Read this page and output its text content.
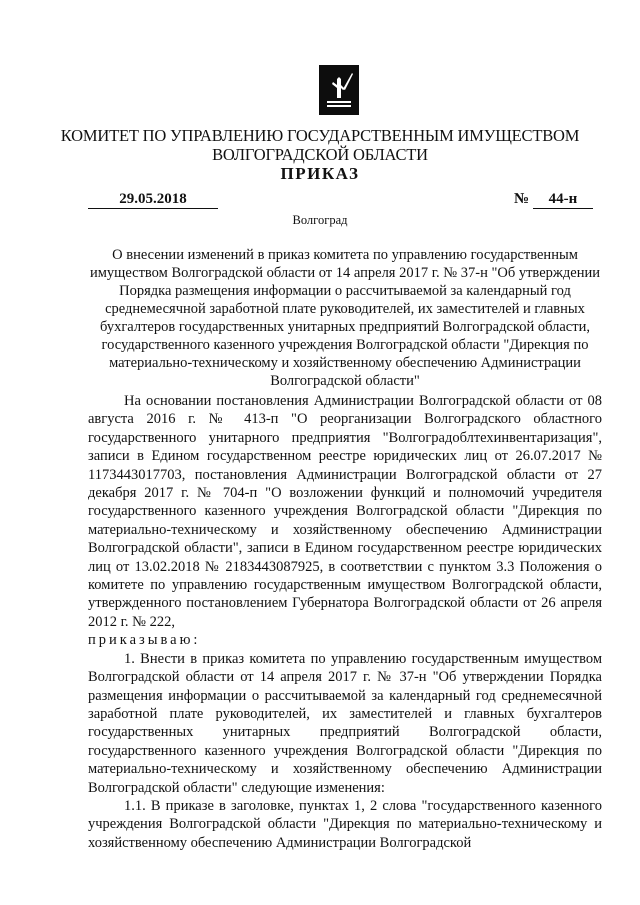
КОМИТЕТ ПО УПРАВЛЕНИЮ ГОСУДАРСТВЕННЫМ ИМУЩЕСТВОМ ВОЛГОГРАДСКОЙ ОБЛАСТИ
ПРИКАЗ
29.05.2018	№	44-н
Волгоград
О внесении изменений в приказ комитета по управлению государственным имуществом Волгоградской области от 14 апреля 2017 г. № 37-н "Об утверждении Порядка размещения информации о рассчитываемой за календарный год среднемесячной заработной плате руководителей, их заместителей и главных бухгалтеров государственных унитарных предприятий Волгоградской области, государственного казенного учреждения Волгоградской области "Дирекция по материально-техническому и хозяйственному обеспечению Администрации Волгоградской области"

На основании постановления Администрации Волгоградской области от 08 августа 2016 г. № 413-п "О реорганизации Волгоградского областного государственного унитарного предприятия "Волгоградоблтехинвентаризация", записи в Едином государственном реестре юридических лиц от 26.07.2017 № 1173443017703, постановления Администрации Волгоградской области от 27 декабря 2017 г. № 704-п "О возложении функций и полномочий учредителя государственного казенного учреждения Волгоградской области "Дирекция по материально-техническому и хозяйственному обеспечению Администрации Волгоградской области", записи в Едином государственном реестре юридических лиц от 13.02.2018 № 2183443087925, в соответствии с пунктом 3.3 Положения о комитете по управлению государственным имуществом Волгоградской области, утвержденного постановлением Губернатора Волгоградской области от 26 апреля 2012 г. № 222,

приказываю:

1. Внести в приказ комитета по управлению государственным имуществом Волгоградской области от 14 апреля 2017 г. № 37-н "Об утверждении Порядка размещения информации о рассчитываемой за календарный год среднемесячной заработной плате руководителей, их заместителей и главных бухгалтеров государственных унитарных предприятий Волгоградской области, государственного казенного учреждения Волгоградской области "Дирекция по материально-техническому и хозяйственному обеспечению Администрации Волгоградской области" следующие изменения:

1.1. В приказе в заголовке, пунктах 1, 2 слова "государственного казенного учреждения Волгоградской области "Дирекция по материально-техническому и хозяйственному обеспечению Администрации Волгоградской
